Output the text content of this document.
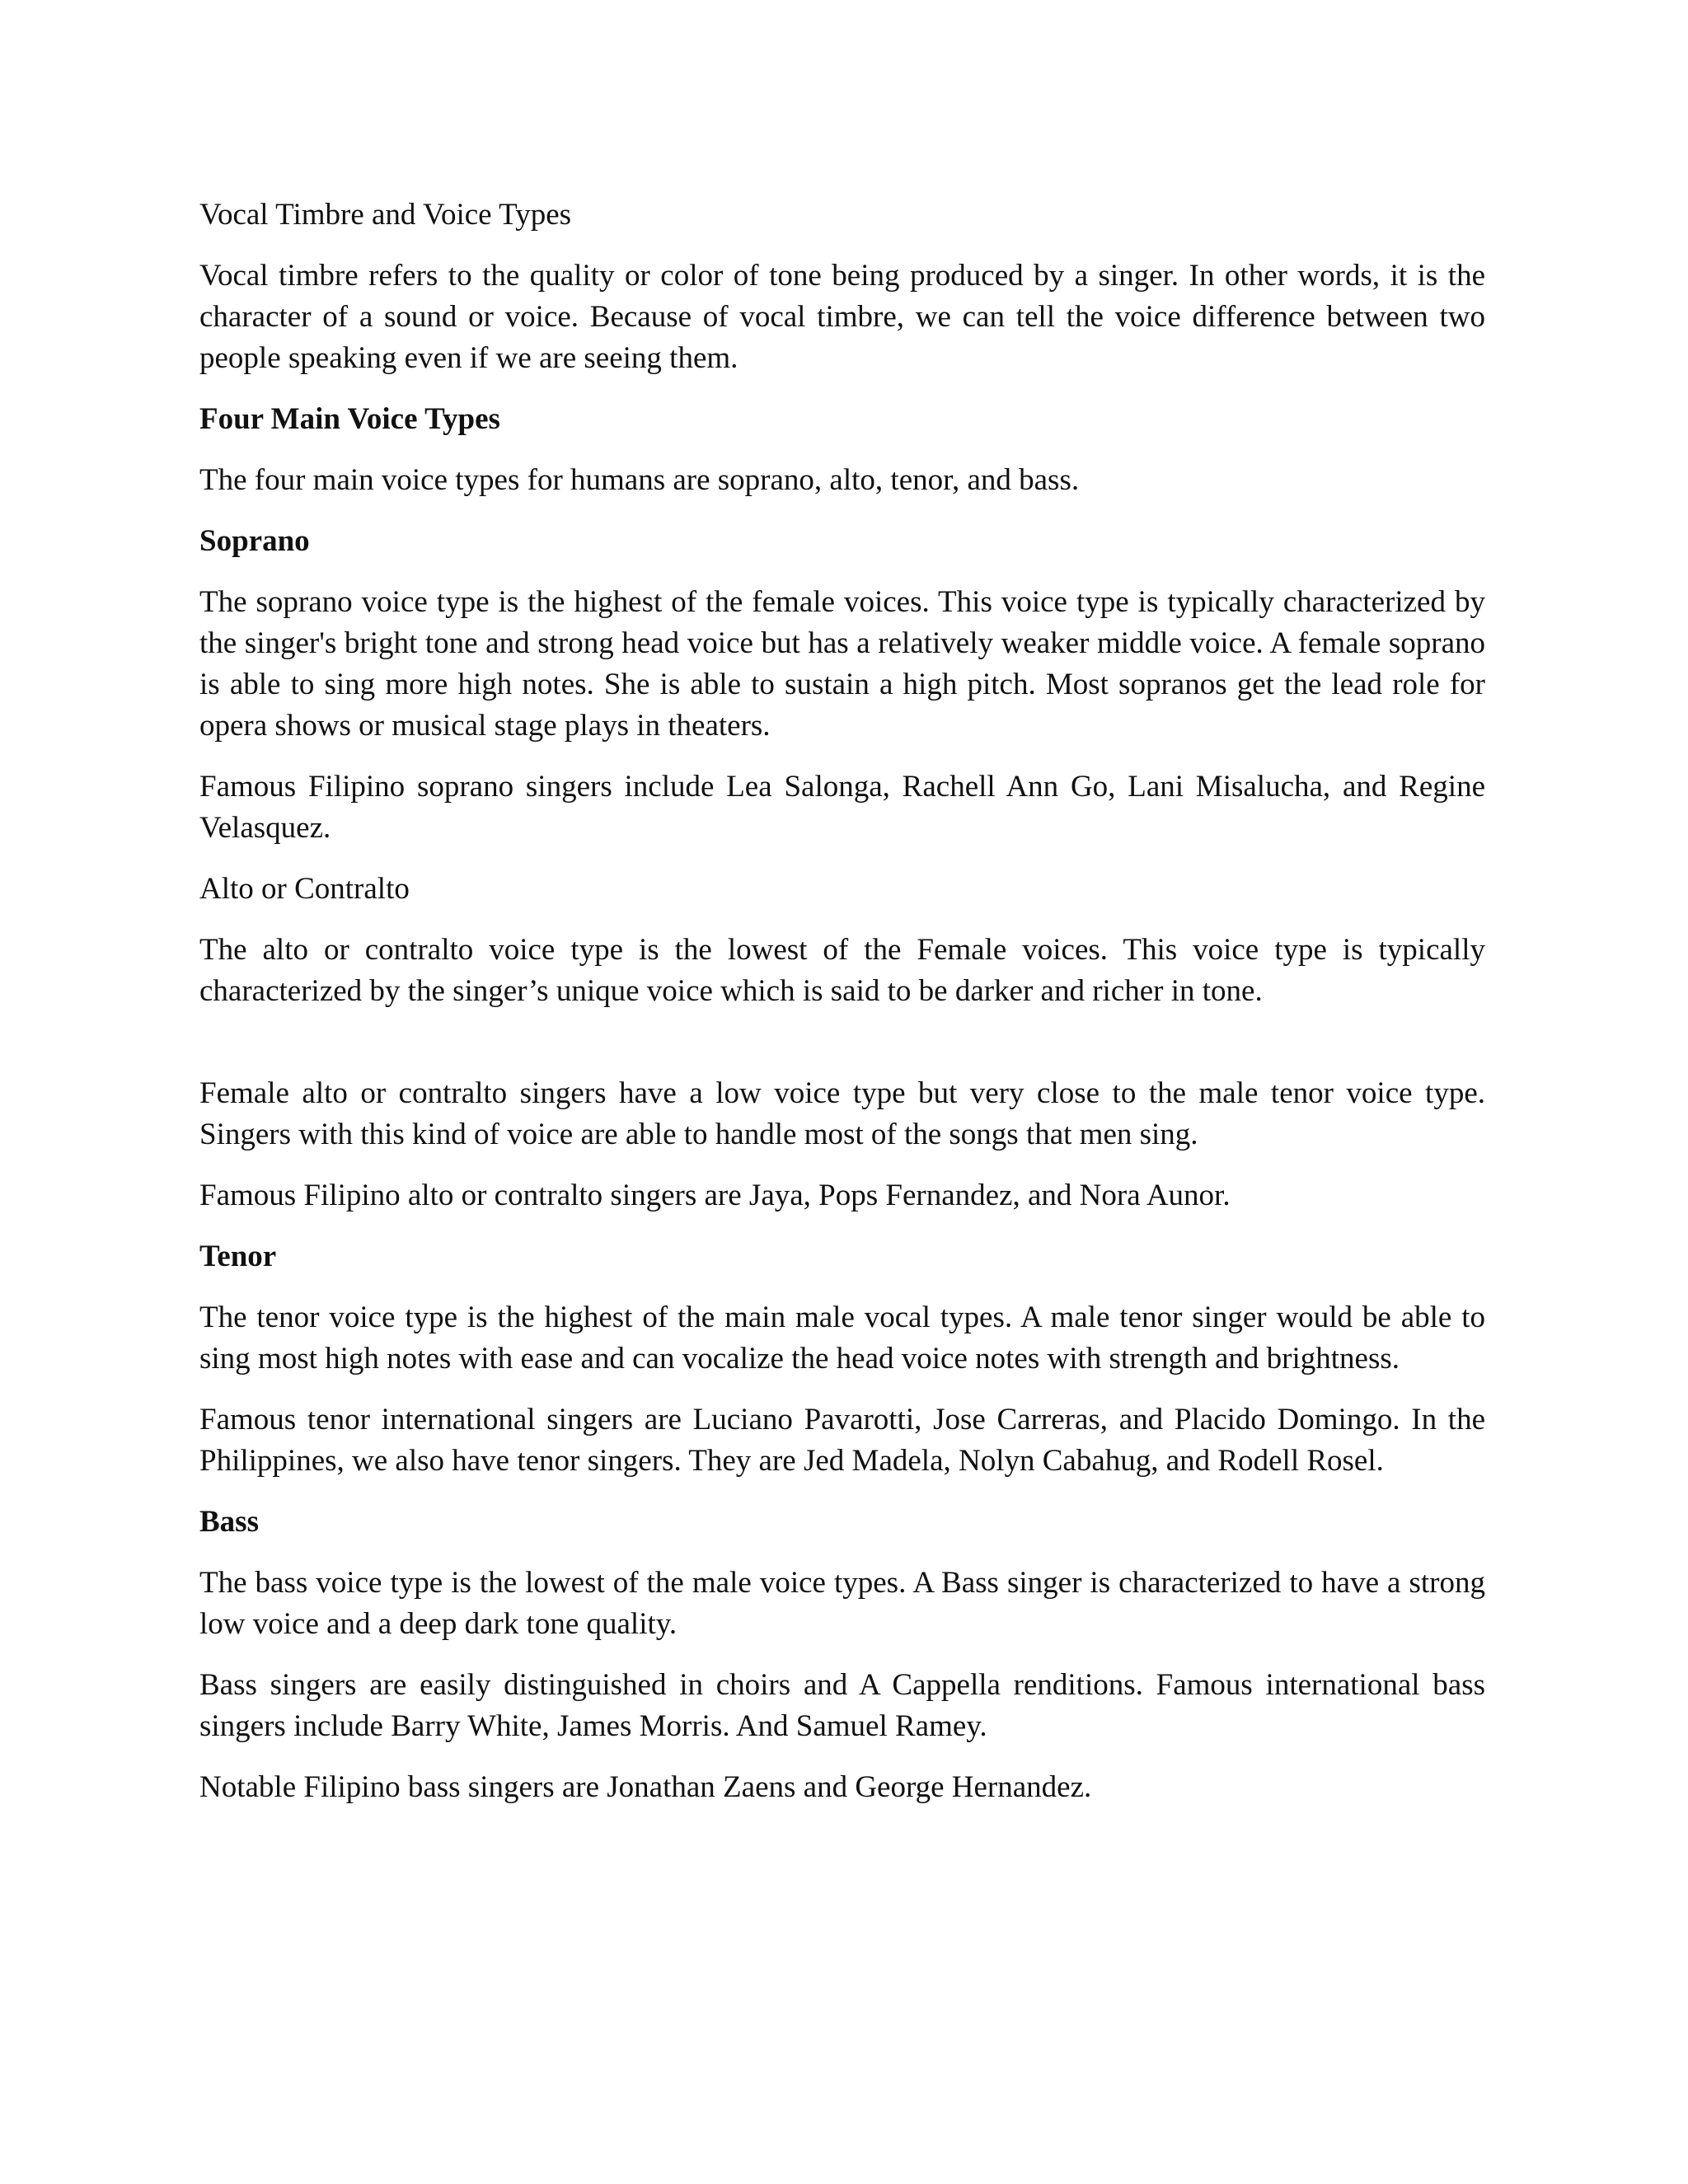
Vocal Timbre and Voice Types

Vocal timbre refers to the quality or color of tone being produced by a singer. In other words, it is the character of a sound or voice. Because of vocal timbre, we can tell the voice difference between two people speaking even if we are seeing them.

Four Main Voice Types

The four main voice types for humans are soprano, alto, tenor, and bass.

Soprano

The soprano voice type is the highest of the female voices. This voice type is typically characterized by the singer's bright tone and strong head voice but has a relatively weaker middle voice. A female soprano is able to sing more high notes. She is able to sustain a high pitch. Most sopranos get the lead role for opera shows or musical stage plays in theaters.

Famous Filipino soprano singers include Lea Salonga, Rachell Ann Go, Lani Misalucha, and Regine Velasquez.

Alto or Contralto

The alto or contralto voice type is the lowest of the Female voices. This voice type is typically characterized by the singer’s unique voice which is said to be darker and richer in tone.

Female alto or contralto singers have a low voice type but very close to the male tenor voice type. Singers with this kind of voice are able to handle most of the songs that men sing.

Famous Filipino alto or contralto singers are Jaya, Pops Fernandez, and Nora Aunor.

Tenor

The tenor voice type is the highest of the main male vocal types. A male tenor singer would be able to sing most high notes with ease and can vocalize the head voice notes with strength and brightness.

Famous tenor international singers are Luciano Pavarotti, Jose Carreras, and Placido Domingo. In the Philippines, we also have tenor singers. They are Jed Madela, Nolyn Cabahug, and Rodell Rosel.

Bass

The bass voice type is the lowest of the male voice types. A Bass singer is characterized to have a strong low voice and a deep dark tone quality.

Bass singers are easily distinguished in choirs and A Cappella renditions. Famous international bass singers include Barry White, James Morris. And Samuel Ramey.

Notable Filipino bass singers are Jonathan Zaens and George Hernandez.
